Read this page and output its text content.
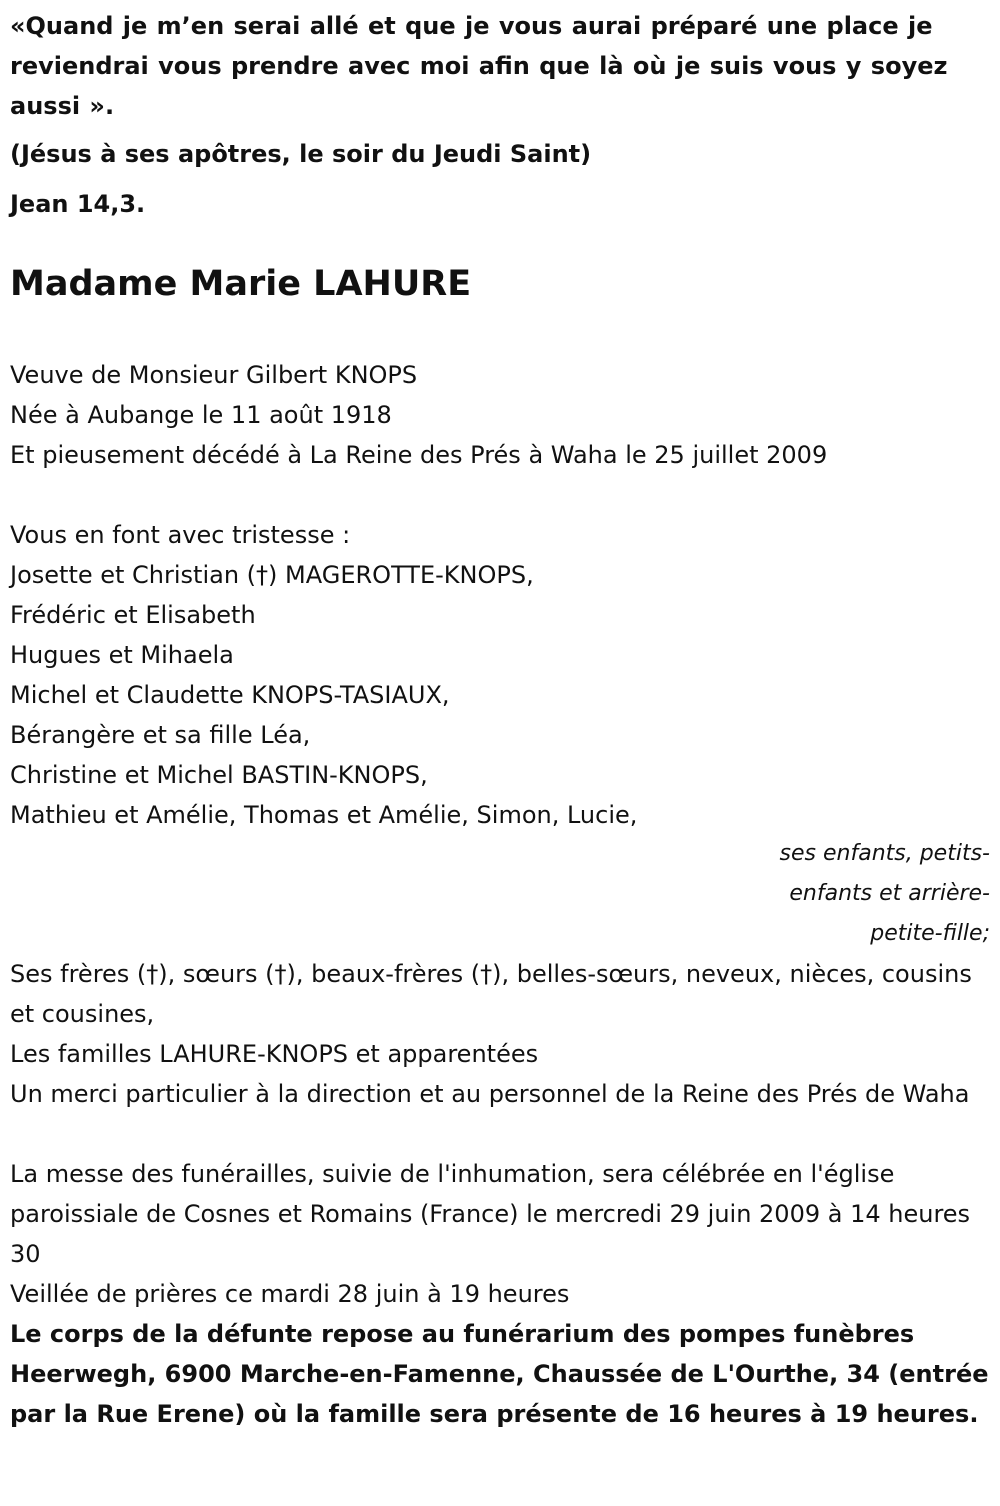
«Quand je m’en serai allé et que je vous aurai préparé une place je reviendrai vous prendre avec moi afin que là où je suis vous y soyez aussi ».

(Jésus à ses apôtres, le soir du Jeudi Saint)

Jean 14,3.

Madame Marie LAHURE
Veuve de Monsieur Gilbert KNOPS
Née à Aubange le 11 août 1918
Et pieusement décédé à La Reine des Prés à Waha le 25 juillet 2009
Vous en font avec tristesse :
Josette et Christian (†) MAGEROTTE-KNOPS,
Frédéric et Elisabeth
Hugues et Mihaela
Michel et Claudette KNOPS-TASIAUX,
Bérangère et sa fille Léa,
Christine et Michel BASTIN-KNOPS,
Mathieu et Amélie, Thomas et Amélie, Simon, Lucie,
ses enfants, petits-enfants et arrière-petite-fille;
Ses frères (†), sœurs (†), beaux-frères (†), belles-sœurs, neveux, nièces, cousins et cousines,
Les familles LAHURE-KNOPS et apparentées
Un merci particulier à la direction et au personnel de la Reine des Prés de Waha
La messe des funérailles, suivie de l'inhumation, sera célébrée en l'église paroissiale de Cosnes et Romains (France) le mercredi 29 juin 2009 à 14 heures 30
Veillée de prières ce mardi 28 juin à 19 heures

Le corps de la défunte repose au funérarium des pompes funèbres Heerwegh, 6900 Marche-en-Famenne, Chaussée de L'Ourthe, 34 (entrée par la Rue Erene) où la famille sera présente de 16 heures à 19 heures.
